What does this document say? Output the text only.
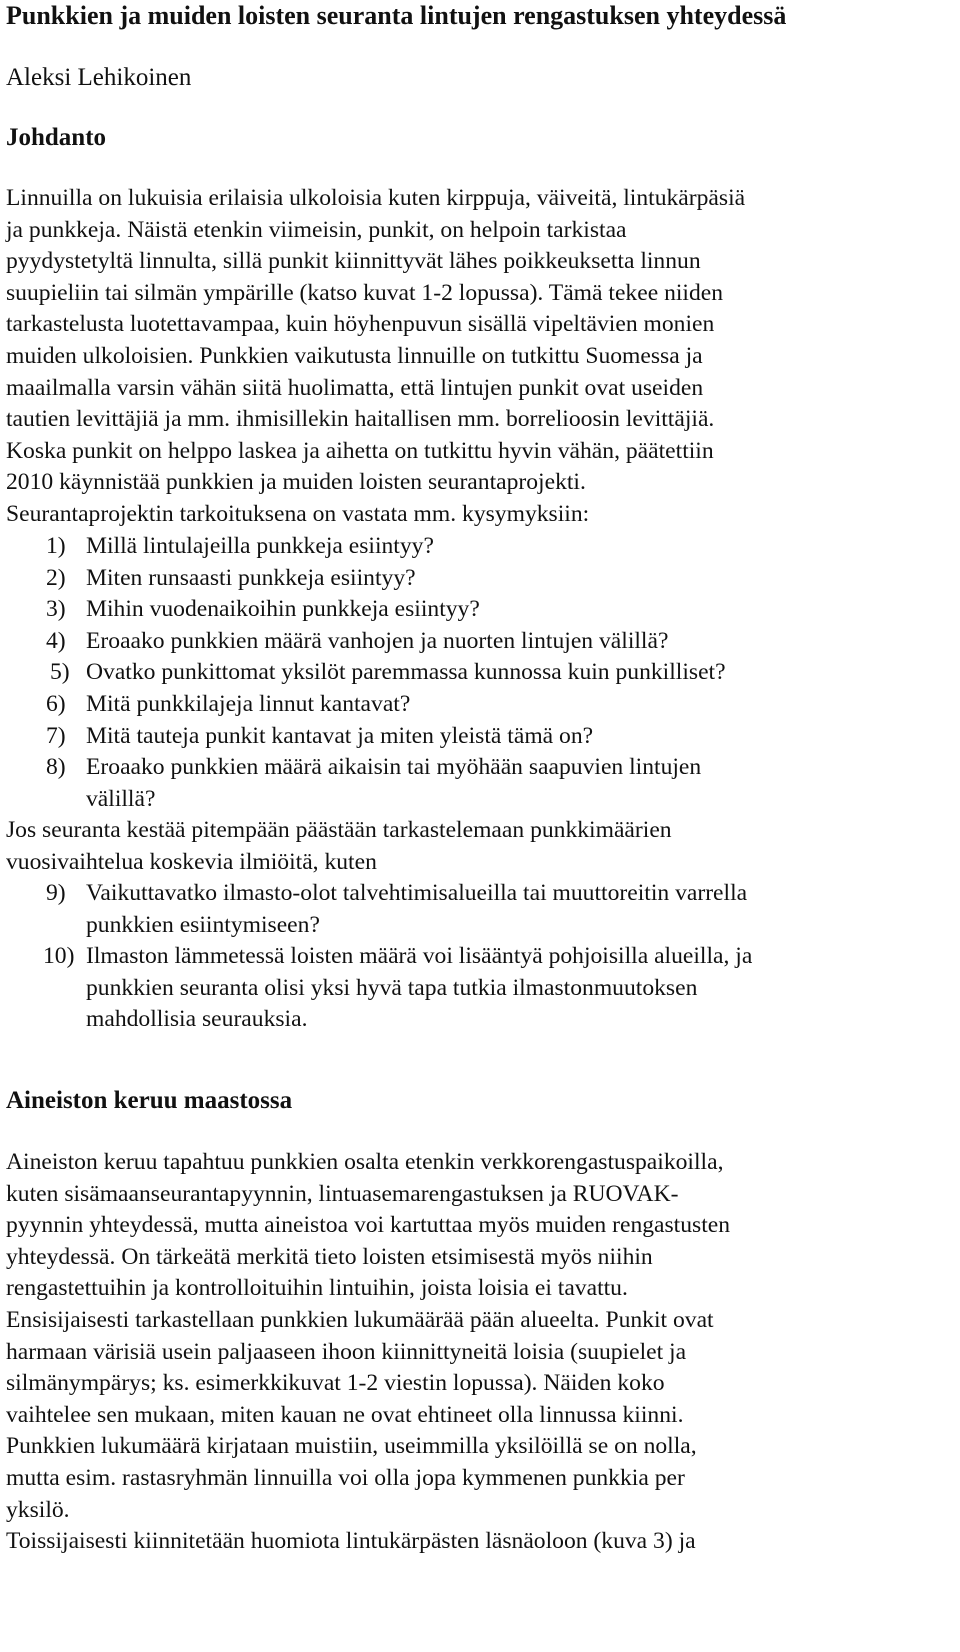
Punkkien ja muiden loisten seuranta lintujen rengastuksen yhteydessä
Aleksi Lehikoinen
Johdanto
Linnuilla on lukuisia erilaisia ulkoloisia kuten kirppuja, väiveitä, lintukärpäsiä
ja punkkeja. Näistä etenkin viimeisin, punkit, on helpoin tarkistaa
pyydystetyltä linnulta, sillä punkit kiinnittyvät lähes poikkeuksetta linnun
suupieliin tai silmän ympärille (katso kuvat 1-2 lopussa). Tämä tekee niiden
tarkastelusta luotettavampaa, kuin höyhenpuvun sisällä vipeltävien monien
muiden ulkoloisien. Punkkien vaikutusta linnuille on tutkittu Suomessa ja
maailmalla varsin vähän siitä huolimatta, että lintujen punkit ovat useiden
tautien levittäjiä ja mm. ihmisillekin haitallisen mm. borrelioosin levittäjiä.
Koska punkit on helppo laskea ja aihetta on tutkittu hyvin vähän, päätettiin
2010 käynnistää punkkien ja muiden loisten seurantaprojekti.
Seurantaprojektin tarkoituksena on vastata mm. kysymyksiin:
1) Millä lintulajeilla punkkeja esiintyy?
2) Miten runsaasti punkkeja esiintyy?
3) Mihin vuodenaikoihin punkkeja esiintyy?
4) Eroaako punkkien määrä vanhojen ja nuorten lintujen välillä?
5) Ovatko punkittomat yksilöt paremmassa kunnossa kuin punkilliset?
6) Mitä punkkilajeja linnut kantavat?
7) Mitä tauteja punkit kantavat ja miten yleistä tämä on?
8) Eroaako punkkien määrä aikaisin tai myöhään saapuvien lintujen
välillä?
Jos seuranta kestää pitempään päästään tarkastelemaan punkkimäärien
vuosivaihtelua koskevia ilmiöitä, kuten
9) Vaikuttavatko ilmasto-olot talvehtimisalueilla tai muuttoreitin varrella
punkkien esiintymiseen?
10) Ilmaston lämmetessä loisten määrä voi lisääntyä pohjoisilla alueilla, ja
punkkien seuranta olisi yksi hyvä tapa tutkia ilmastonmuutoksen
mahdollisia seurauksia.
Aineiston keruu maastossa
Aineiston keruu tapahtuu punkkien osalta etenkin verkkorengastuspaikoilla,
kuten sisämaanseurantapyynnin, lintuasemarengastuksen ja RUOVAK-
pyynnin yhteydessä, mutta aineistoa voi kartuttaa myös muiden rengastusten
yhteydessä. On tärkeätä merkitä tieto loisten etsimisestä myös niihin
rengastettuihin ja kontrolloituihin lintuihin, joista loisia ei tavattu.
Ensisijaisesti tarkastellaan punkkien lukumäärää pään alueelta. Punkit ovat
harmaan värisiä usein paljaaseen ihoon kiinnittyneitä loisia (suupielet ja
silmänympärys; ks. esimerkkikuvat 1-2 viestin lopussa). Näiden koko
vaihtelee sen mukaan, miten kauan ne ovat ehtineet olla linnussa kiinni.
Punkkien lukumäärä kirjataan muistiin, useimmilla yksilöillä se on nolla,
mutta esim. rastasryhmän linnuilla voi olla jopa kymmenen punkkia per
yksilö.
Toissijaisesti kiinnitetään huomiota lintukärpästen läsnäoloon (kuva 3) ja
